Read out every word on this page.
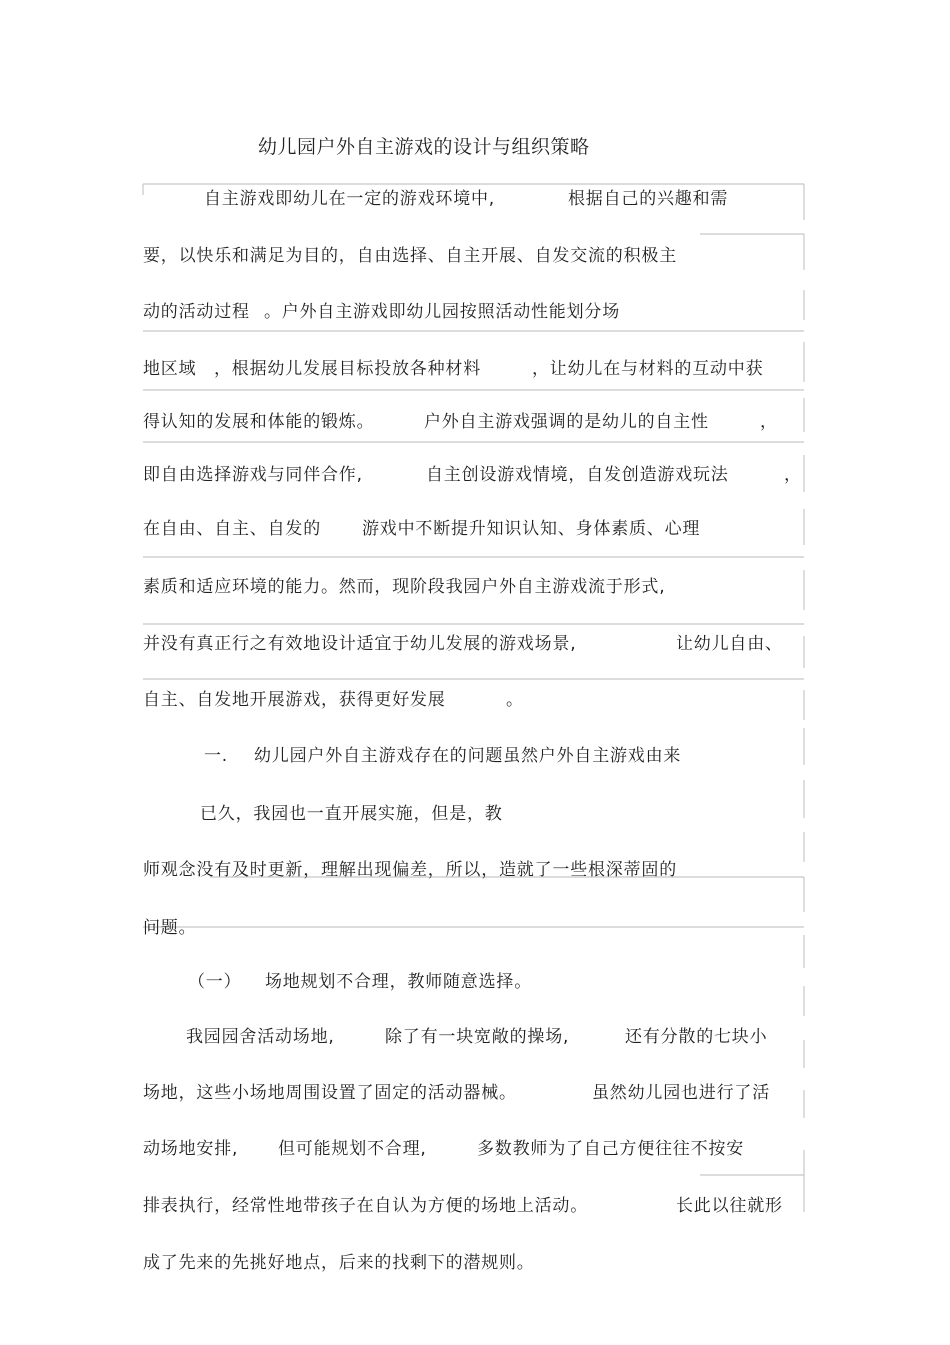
幼儿园户外自主游戏的设计与组织策略
自主游戏即幼儿在一定的游戏环境中,	根据自己的兴趣和需
要，以快乐和满足为目的，自由选择、自主开展、自发交流的积极主
动的活动过程 。户外自主游戏即幼儿园按照活动性能划分场
地区域 ，根据幼儿发展目标投放各种材料	，让幼儿在与材料的互动中获
得认知的发展和体能的锻炼。	户外自主游戏强调的是幼儿的自主性	，
即自由选择游戏与同伴合作,	自主创设游戏情境，自发创造游戏玩法	，
在自由、自主、自发的 游戏中不断提升知识认知、身体素质、心理
素质和适应环境的能力。然而，现阶段我园户外自主游戏流于形式,
并没有真正行之有效地设计适宜于幼儿发展的游戏场景,	让幼儿自由、
自主、自发地开展游戏，获得更好发展	。
一. 幼儿园户外自主游戏存在的问题虽然户外自主游戏由来
已久，我园也一直开展实施，但是，教
师观念没有及时更新，理解出现偏差，所以，造就了一些根深蒂固的
问题。
（一） 场地规划不合理，教师随意选择。
我园园舍活动场地,	除了有一块宽敞的操场,	还有分散的七块小
场地，这些小场地周围设置了固定的活动器械。	虽然幼儿园也进行了活
动场地安排, 但可能规划不合理,	多数教师为了自己方便往往不按安
排表执行，经常性地带孩子在自认为方便的场地上活动。	长此以往就形
成了先来的先挑好地点，后来的找剩下的潜规则。
